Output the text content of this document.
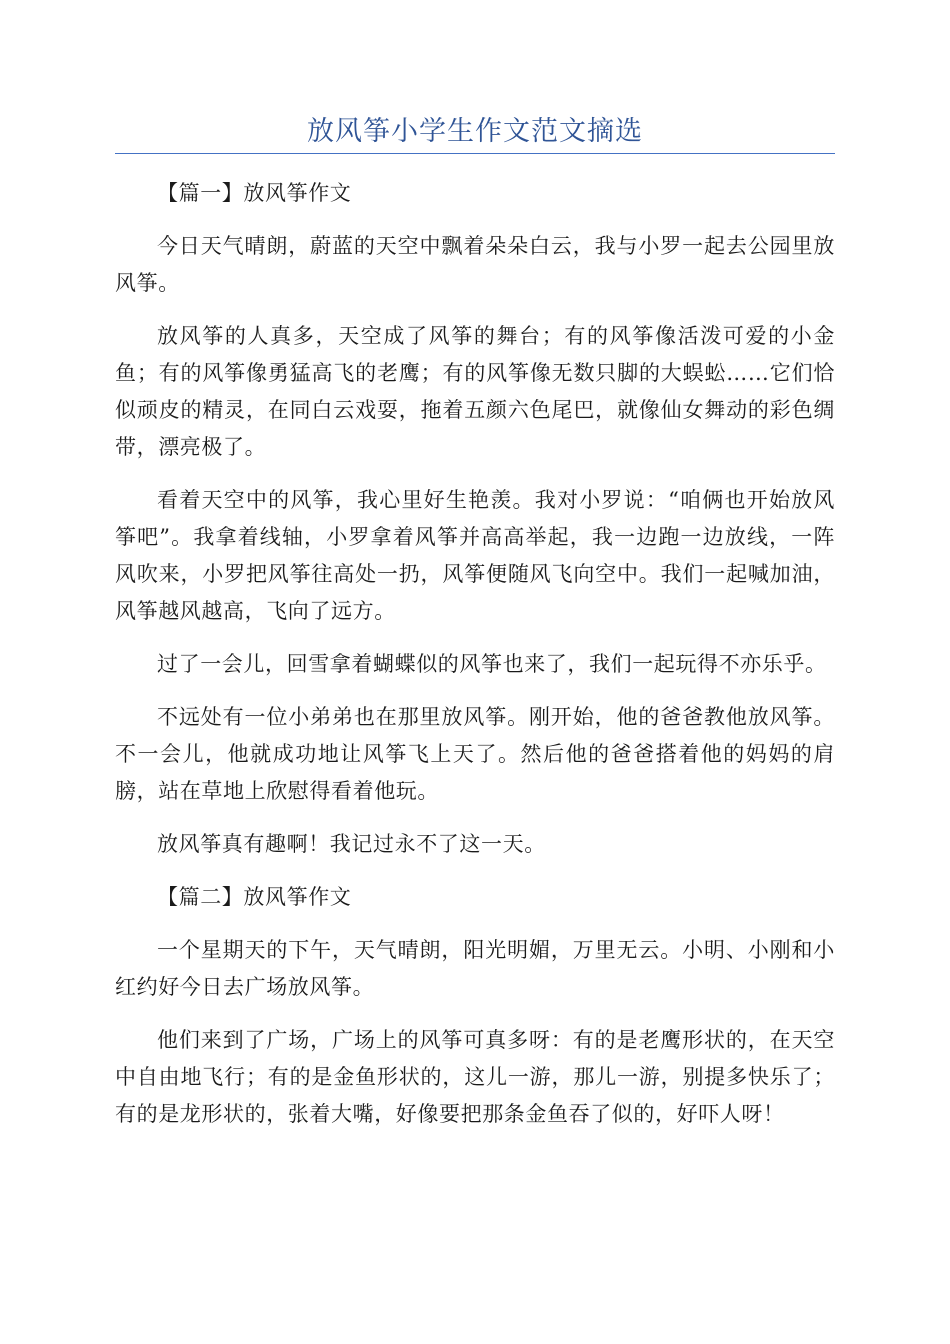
放风筝小学生作文范文摘选

【篇一】放风筝作文

今日天气晴朗，蔚蓝的天空中飘着朵朵白云，我与小罗一起去公园里放风筝。

放风筝的人真多，天空成了风筝的舞台；有的风筝像活泼可爱的小金鱼；有的风筝像勇猛高飞的老鹰；有的风筝像无数只脚的大蜈蚣……它们恰似顽皮的精灵，在同白云戏耍，拖着五颜六色尾巴，就像仙女舞动的彩色绸带，漂亮极了。

看着天空中的风筝，我心里好生艳羡。我对小罗说：“咱俩也开始放风筝吧”。我拿着线轴，小罗拿着风筝并高高举起，我一边跑一边放线，一阵风吹来，小罗把风筝往高处一扔，风筝便随风飞向空中。我们一起喊加油，风筝越风越高，飞向了远方。

过了一会儿，回雪拿着蝴蝶似的风筝也来了，我们一起玩得不亦乐乎。

不远处有一位小弟弟也在那里放风筝。刚开始，他的爸爸教他放风筝。不一会儿，他就成功地让风筝飞上天了。然后他的爸爸搭着他的妈妈的肩膀，站在草地上欣慰得看着他玩。

放风筝真有趣啊！我记过永不了这一天。

【篇二】放风筝作文

一个星期天的下午，天气晴朗，阳光明媚，万里无云。小明、小刚和小红约好今日去广场放风筝。

他们来到了广场，广场上的风筝可真多呀：有的是老鹰形状的，在天空中自由地飞行；有的是金鱼形状的，这儿一游，那儿一游，别提多快乐了；有的是龙形状的，张着大嘴，好像要把那条金鱼吞了似的，好吓人呀！
